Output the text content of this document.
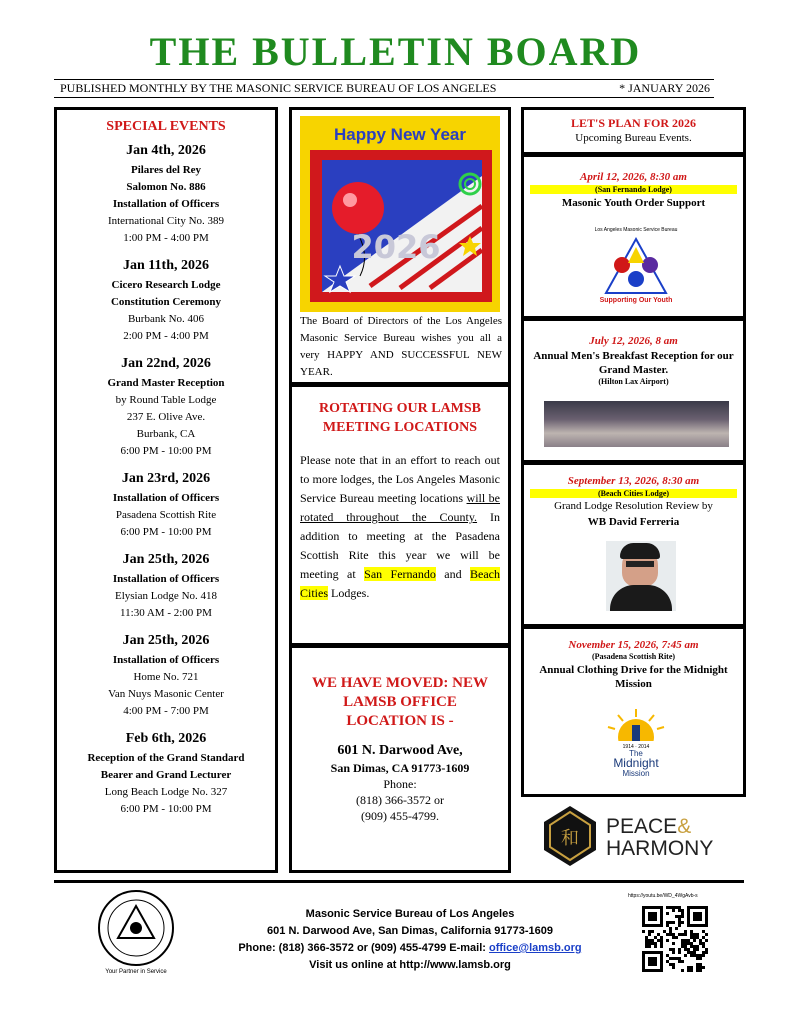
THE BULLETIN BOARD
PUBLISHED MONTHLY BY THE MASONIC SERVICE BUREAU OF LOS ANGELES	* JANUARY 2026
SPECIAL EVENTS
Jan 4th, 2026
Pilares del Rey
Salomon No. 886
Installation of Officers
International City No. 389
1:00 PM - 4:00 PM
Jan 11th, 2026
Cicero Research Lodge
Constitution Ceremony
Burbank No. 406
2:00 PM - 4:00 PM
Jan 22nd, 2026
Grand Master Reception
by Round Table Lodge
237 E. Olive Ave.
Burbank, CA
6:00 PM - 10:00 PM
Jan 23rd, 2026
Installation of Officers
Pasadena Scottish Rite
6:00 PM - 10:00 PM
Jan 25th, 2026
Installation of Officers
Elysian Lodge No. 418
11:30 AM - 2:00 PM
Jan 25th, 2026
Installation of Officers
Home No. 721
Van Nuys Masonic Center
4:00 PM - 7:00 PM
Feb 6th, 2026
Reception of the Grand Standard
Bearer and Grand Lecturer
Long Beach Lodge No. 327
6:00 PM - 10:00 PM
2026
Happy New Year
The Board of Directors of the Los Angeles Masonic Service Bureau wishes you all a very HAPPY AND SUCCESSFUL NEW YEAR.
ROTATING OUR LAMSB MEETING LOCATIONS
Please note that in an effort to reach out to more lodges, the Los Angeles Masonic Service Bureau meeting locations will be rotated throughout the County. In addition to meeting at the Pasadena Scottish Rite this year we will be meeting at San Fernando and Beach Cities Lodges.
WE HAVE MOVED: NEW LAMSB OFFICE LOCATION IS -
601 N. Darwood Ave,
San Dimas, CA 91773-1609
Phone:
(818) 366-3572 or
(909) 455-4799.
LET'S PLAN FOR 2026
Upcoming Bureau Events.
April 12, 2026, 8:30 am
(San Fernando Lodge)
Masonic Youth Order Support
Los Angeles Masonic Service Bureau
Supporting Our Youth
July 12, 2026, 8 am
Annual Men's Breakfast Reception for our Grand Master.
(Hilton Lax Airport)
September 13, 2026, 8:30 am
(Beach Cities Lodge)
Grand Lodge Resolution Review by
WB David Ferreria
November 15, 2026, 7:45 am
(Pasadena Scottish Rite)
Annual Clothing Drive for the Midnight Mission
1914 · 2014
The
Midnight
Mission
和
PEACE&
HARMONY
Your Partner in Service
Masonic Service Bureau of Los Angeles
601 N. Darwood Ave, San Dimas, California 91773-1609
Phone: (818) 366-3572 or (909) 455-4799 E-mail: office@lamsb.org
Visit us online at http://www.lamsb.org
https://youtu.be/WD_4WgAvb-s
